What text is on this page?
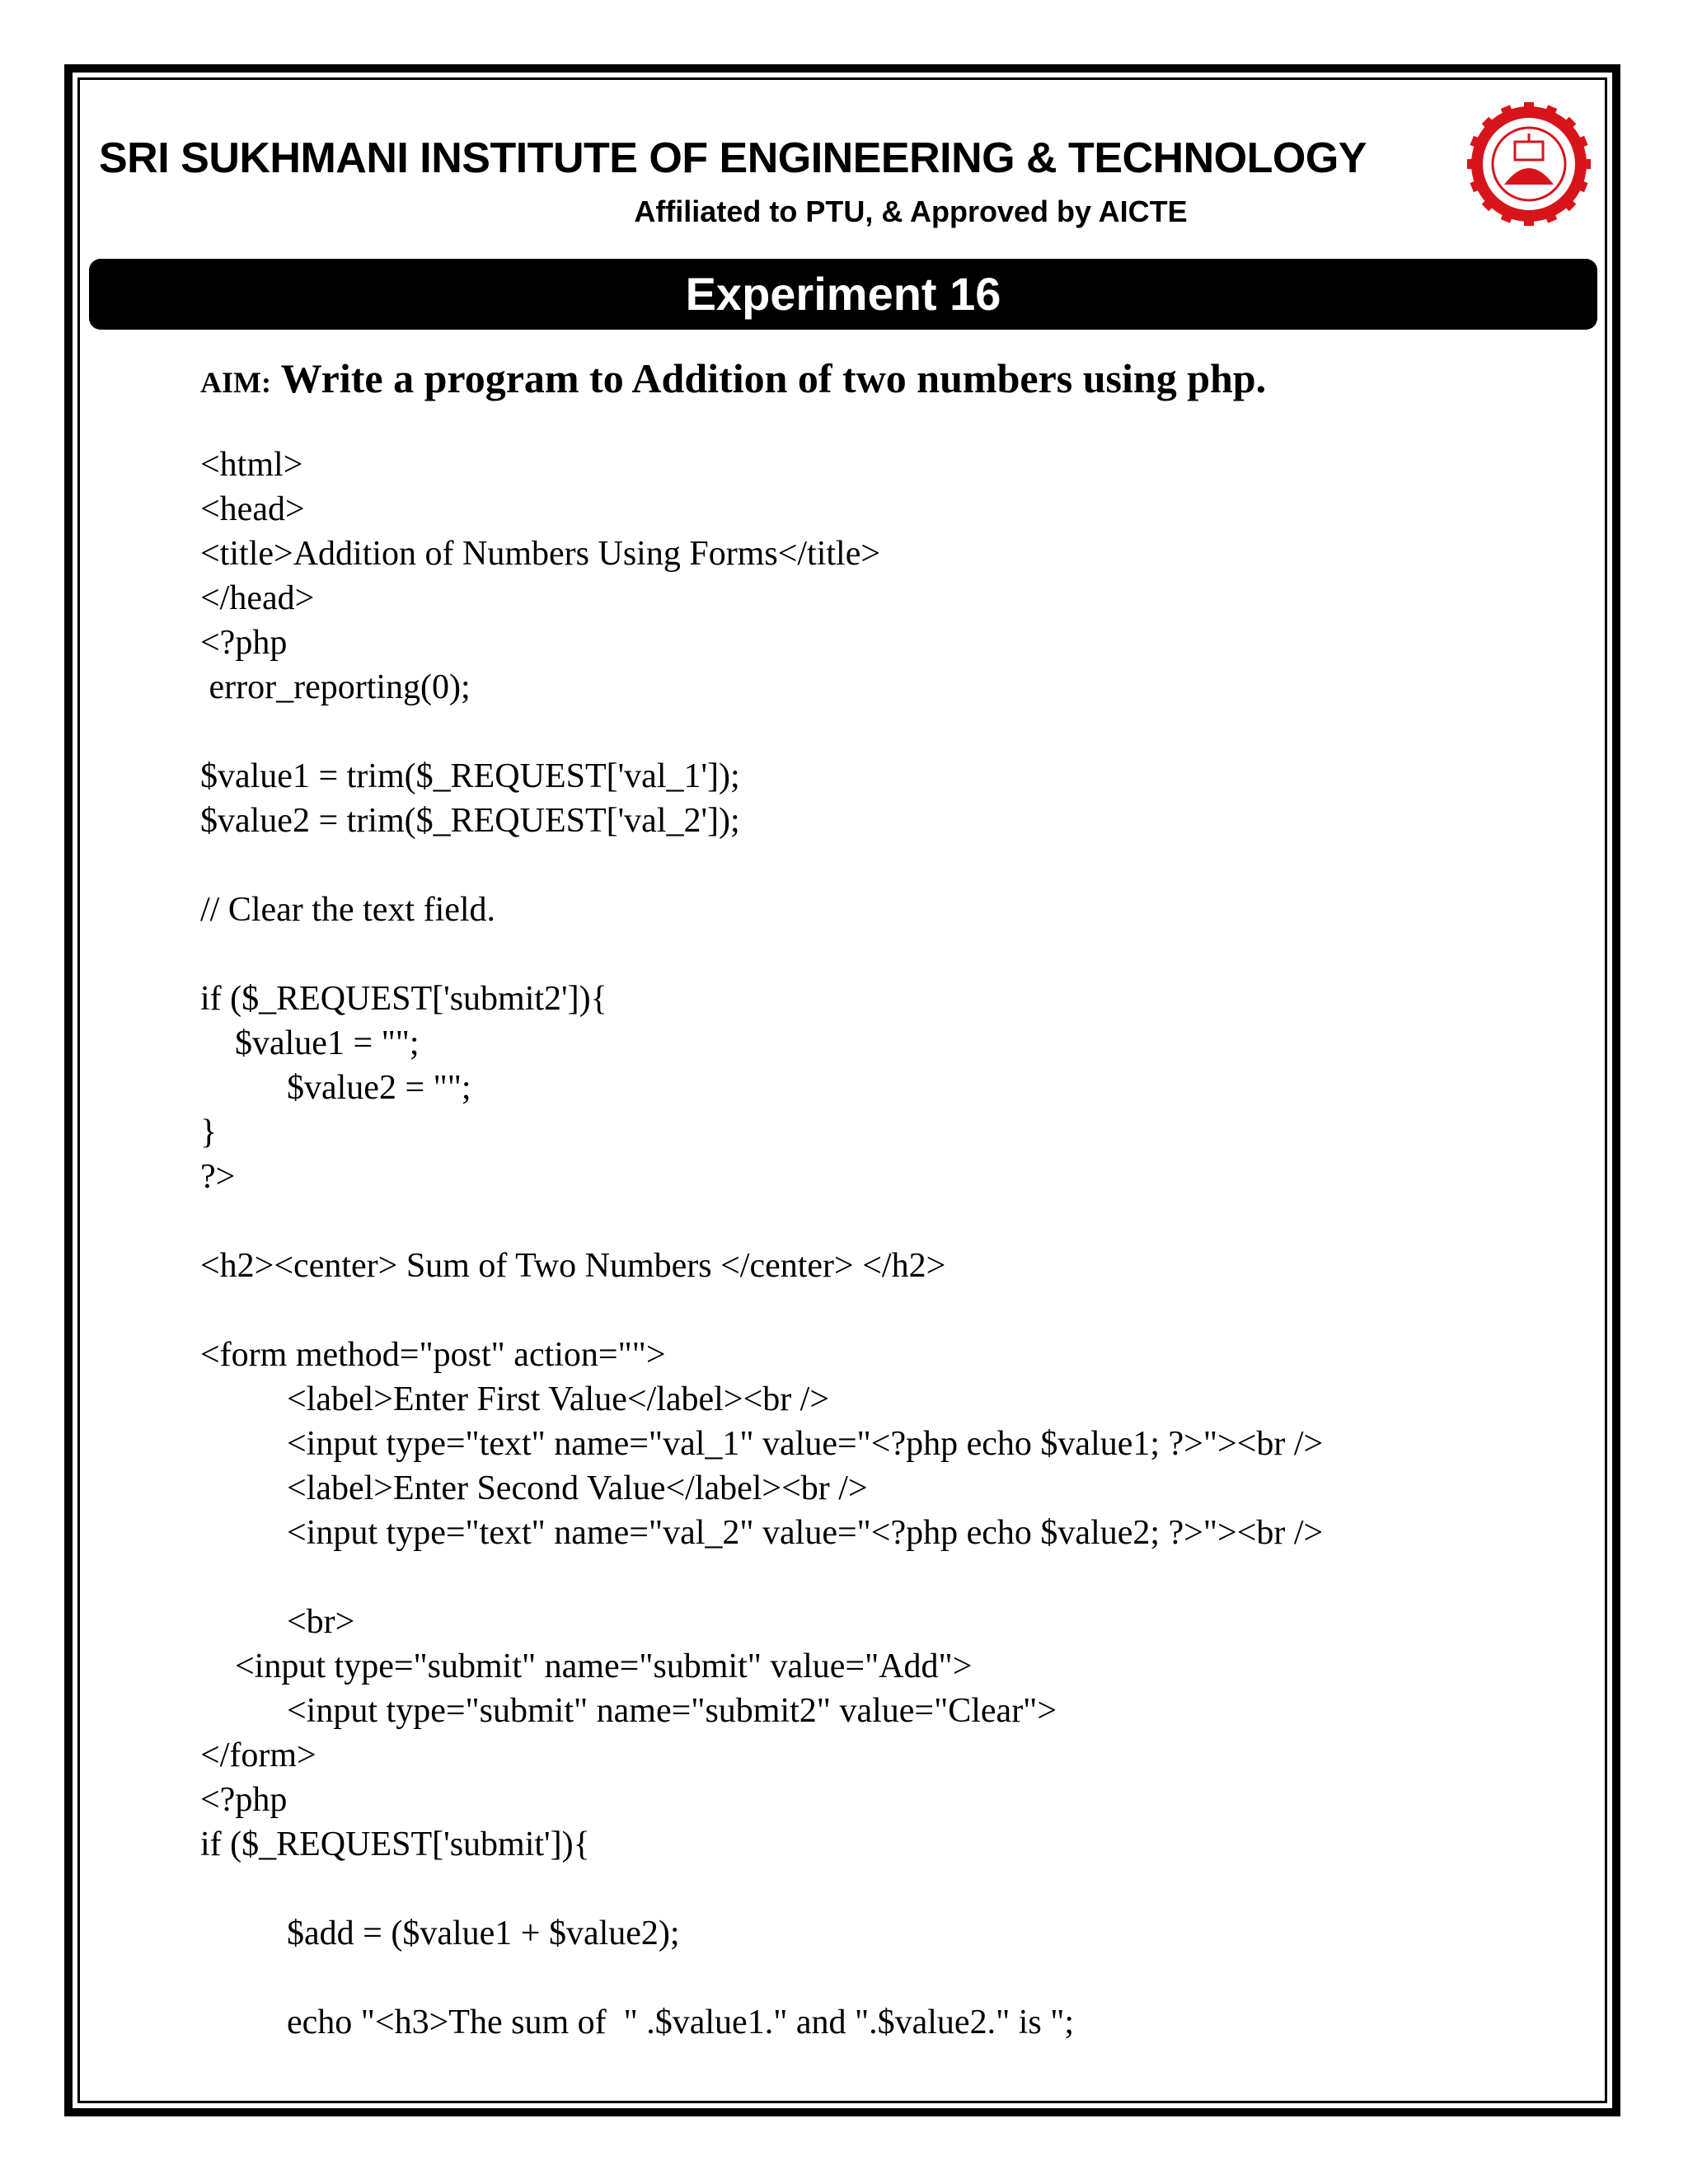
SRI SUKHMANI INSTITUTE OF ENGINEERING & TECHNOLOGY
Affiliated to PTU, & Approved by AICTE
Experiment 16
AIM: Write a program to Addition of two numbers using php.
<html>
<head>
<title>Addition of Numbers Using Forms</title>
</head>
<?php
error_reporting(0);
$value1 = trim($_REQUEST['val_1']);
$value2 = trim($_REQUEST['val_2']);
// Clear the text field.
if ($_REQUEST['submit2']){
$value1 = "";
$value2 = "";
}
?>
<h2><center> Sum of Two Numbers </center> </h2>
<form method="post" action="">
<label>Enter First Value</label><br />
<input type="text" name="val_1" value="<?php echo $value1; ?>"><br />
<label>Enter Second Value</label><br />
<input type="text" name="val_2" value="<?php echo $value2; ?>"><br />
<br>
<input type="submit" name="submit" value="Add">
<input type="submit" name="submit2" value="Clear">
</form>
<?php
if ($_REQUEST['submit']){
$add = ($value1 + $value2);
echo "<h3>The sum of  " .$value1." and ".$value2." is ";
